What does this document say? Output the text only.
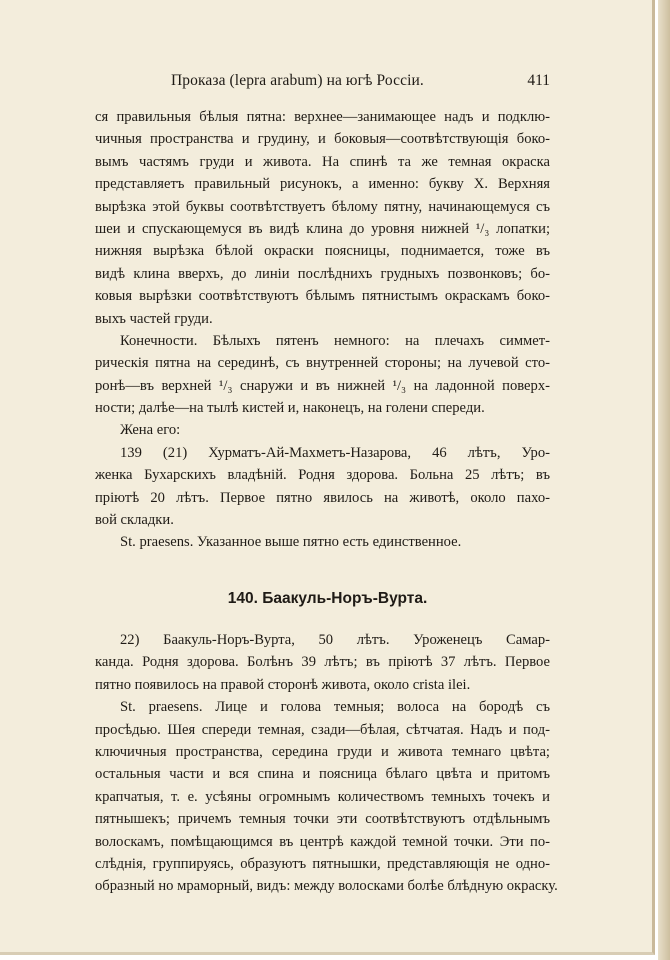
Проказа (lepra arabum) на югѣ Россіи.	411
ся правильныя бѣлыя пятна: верхнее—занимающее надъ и подклю-
чичныя пространства и грудину, и боковыя—соотвѣтствующія боко-
вымъ частямъ груди и живота. На спинѣ та же темная окраска
представляетъ правильный рисунокъ, а именно: букву X. Верхняя
вырѣзка этой буквы соотвѣтствуетъ бѣлому пятну, начинающемуся съ
шеи и спускающемуся въ видѣ клина до уровня нижней ¹/₃ лопатки;
нижняя вырѣзка бѣлой окраски поясницы, поднимается, тоже въ
видѣ клина вверхъ, до линіи послѣднихъ грудныхъ позвонковъ; бо-
ковыя вырѣзки соотвѣтствуютъ бѣлымъ пятнистымъ окраскамъ боко-
выхъ частей груди.
Конечности. Бѣлыхъ пятенъ немного: на плечахъ симмет-
рическія пятна на серединѣ, съ внутренней стороны; на лучевой сто-
ронѣ—въ верхней ¹/₃ снаружи и въ нижней ¹/₃ на ладонной поверх-
ности; далѣе—на тылѣ кистей и, наконецъ, на голени спереди.
Жена его:
139 (21) Хурматъ-Ай-Махметъ-Назарова, 46 лѣтъ, Уро-
женка Бухарскихъ владѣній. Родня здорова. Больна 25 лѣтъ; въ
пріютѣ 20 лѣтъ. Первое пятно явилось на животѣ, около пахо-
вой складки.
St. praesens. Указанное выше пятно есть единственное.
140. Баакуль-Норъ-Вурта.
22) Баакуль-Норъ-Вурта, 50 лѣтъ. Уроженецъ Самар-
канда. Родня здорова. Болѣнъ 39 лѣтъ; въ пріютѣ 37 лѣтъ. Первое
пятно появилось на правой сторонѣ живота, около crista ilei.
St. praesens. Лице и голова темныя; волоса на бородѣ съ
просѣдью. Шея спереди темная, сзади—бѣлая, сѣтчатая. Надъ и под-
ключичныя пространства, середина груди и живота темнаго цвѣта;
остальныя части и вся спина и поясница бѣлаго цвѣта и притомъ
крапчатыя, т. е. усѣяны огромнымъ количествомъ темныхъ точекъ и
пятнышекъ; причемъ темныя точки эти соотвѣтствуютъ отдѣльнымъ
волоскамъ, помѣщающимся въ центрѣ каждой темной точки. Эти по-
слѣднія, группируясь, образуютъ пятнышки, представляющія не одно-
образный но мраморный, видъ: между волосками болѣе блѣдную окраску.
